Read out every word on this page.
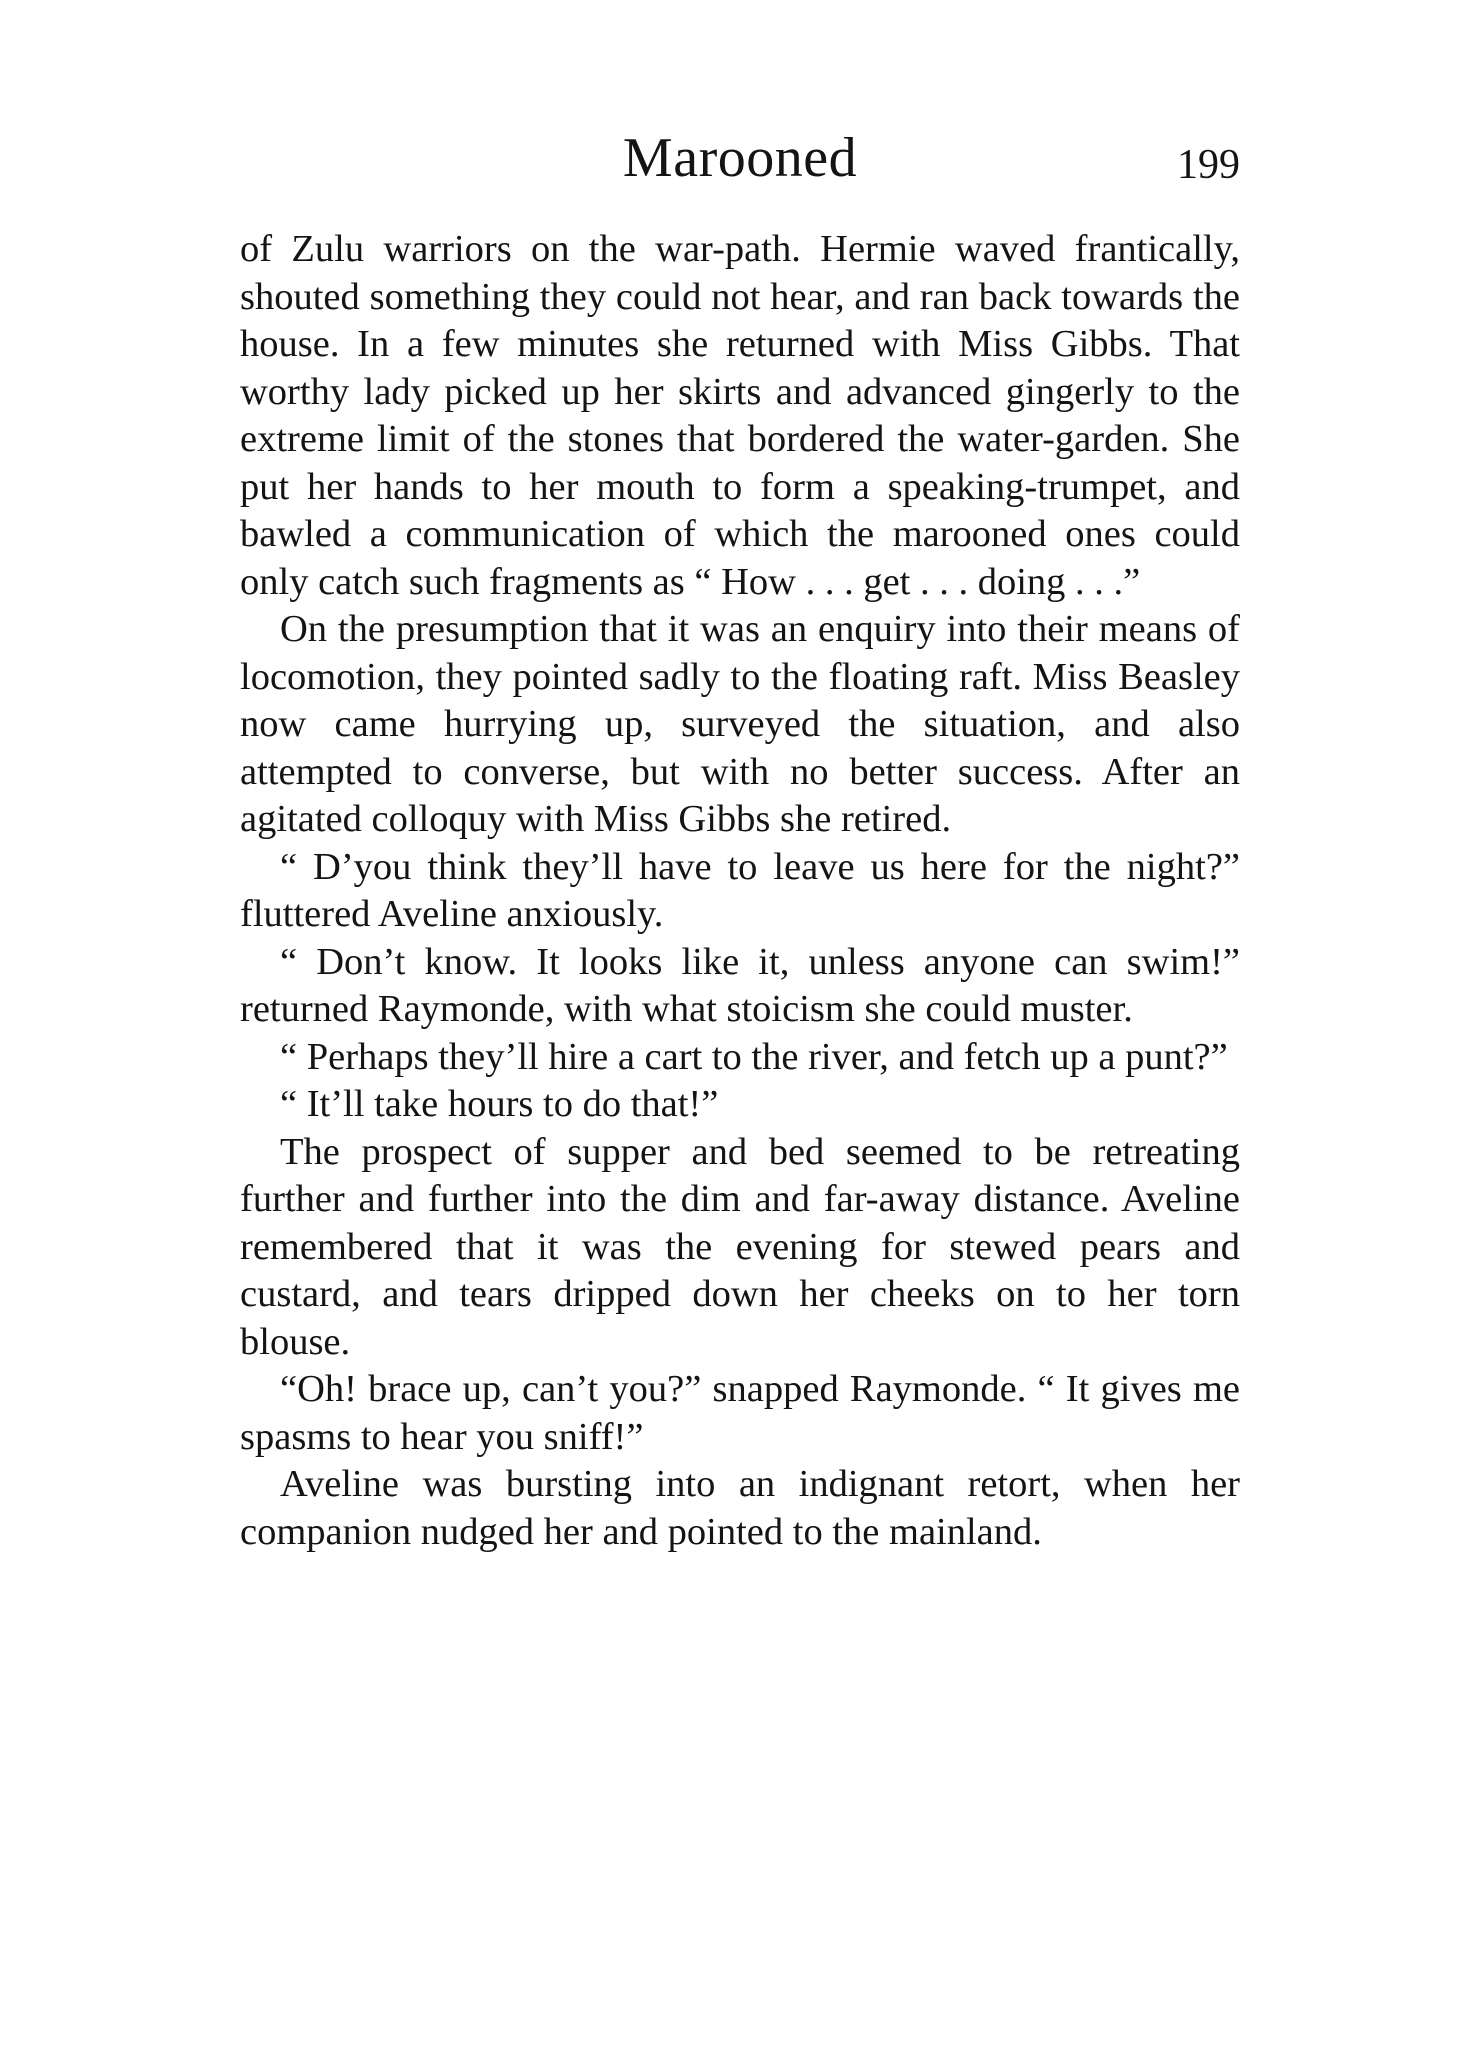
Marooned	199

of Zulu warriors on the war-path. Hermie waved frantically, shouted something they could not hear, and ran back towards the house. In a few minutes she returned with Miss Gibbs. That worthy lady picked up her skirts and advanced gingerly to the extreme limit of the stones that bordered the water-garden. She put her hands to her mouth to form a speaking-trumpet, and bawled a communication of which the marooned ones could only catch such fragments as “ How . . . get . . . doing . . .”

On the presumption that it was an enquiry into their means of locomotion, they pointed sadly to the floating raft. Miss Beasley now came hurrying up, surveyed the situation, and also attempted to converse, but with no better success. After an agitated colloquy with Miss Gibbs she retired.

“ D’you think they’ll have to leave us here for the night?” fluttered Aveline anxiously.

“ Don’t know. It looks like it, unless anyone can swim!” returned Raymonde, with what stoicism she could muster.

“ Perhaps they’ll hire a cart to the river, and fetch up a punt?”

“ It’ll take hours to do that!”

The prospect of supper and bed seemed to be retreating further and further into the dim and far-away distance. Aveline remembered that it was the evening for stewed pears and custard, and tears dripped down her cheeks on to her torn blouse.

“Oh! brace up, can’t you?” snapped Raymonde. “ It gives me spasms to hear you sniff!”

Aveline was bursting into an indignant retort, when her companion nudged her and pointed to the mainland.
